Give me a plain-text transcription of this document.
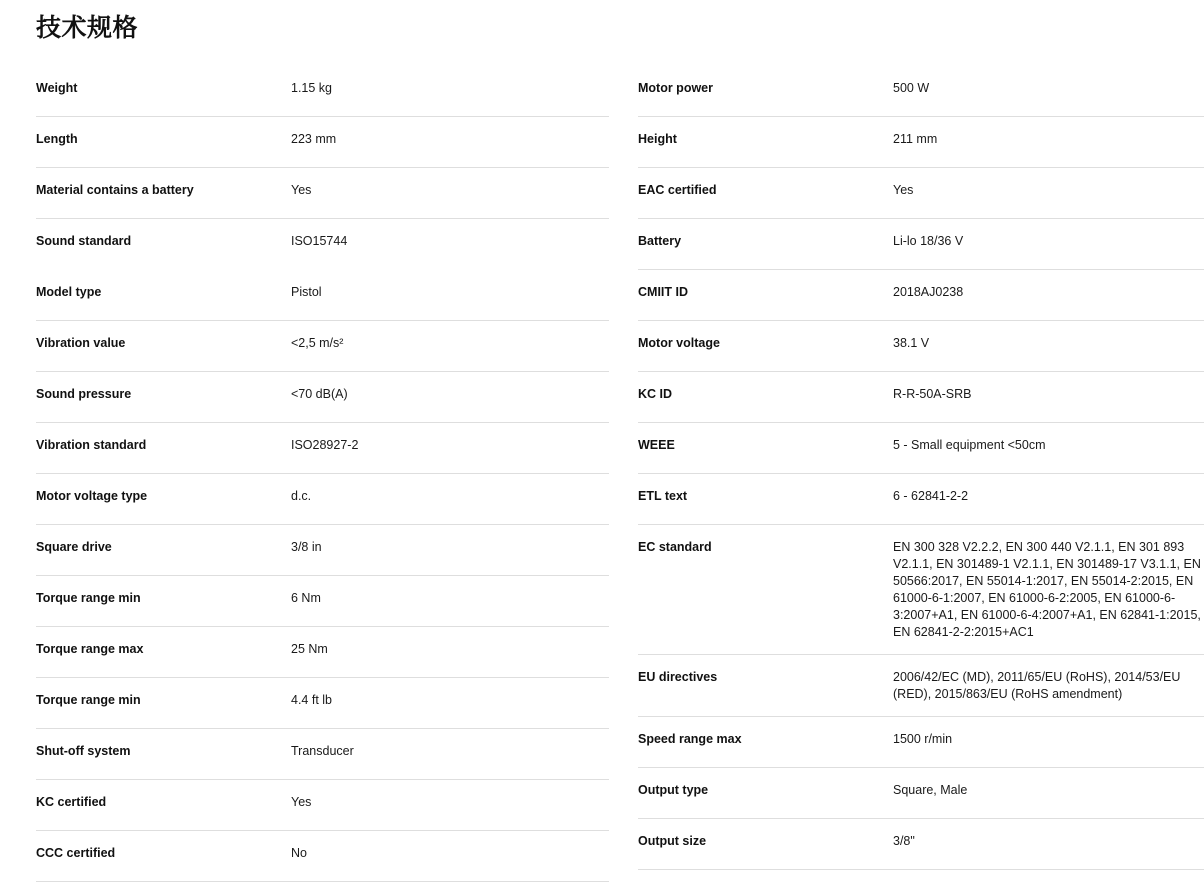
技术规格
Weight	1.15 kg
Length	223 mm
Material contains a battery	Yes
Sound standard	ISO15744
Model type	Pistol
Vibration value	<2,5 m/s²
Sound pressure	<70 dB(A)
Vibration standard	ISO28927-2
Motor voltage type	d.c.
Square drive	3/8 in
Torque range min	6 Nm
Torque range max	25 Nm
Torque range min	4.4 ft lb
Shut-off system	Transducer
KC certified	Yes
CCC certified	No
Motor power	500 W
Height	211 mm
EAC certified	Yes
Battery	Li-lo 18/36 V
CMIIT ID	2018AJ0238
Motor voltage	38.1 V
KC ID	R-R-50A-SRB
WEEE	5 - Small equipment <50cm
ETL text	6 - 62841-2-2
EC standard	EN 300 328 V2.2.2, EN 300 440 V2.1.1, EN 301 893 V2.1.1, EN 301489-1 V2.1.1, EN 301489-17 V3.1.1, EN 50566:2017, EN 55014-1:2017, EN 55014-2:2015, EN 61000-6-1:2007, EN 61000-6-2:2005, EN 61000-6-3:2007+A1, EN 61000-6-4:2007+A1, EN 62841-1:2015, EN 62841-2-2:2015+AC1
EU directives	2006/42/EC (MD), 2011/65/EU (RoHS), 2014/53/EU (RED), 2015/863/EU (RoHS amendment)
Speed range max	1500 r/min
Output type	Square, Male
Output size	3/8"
